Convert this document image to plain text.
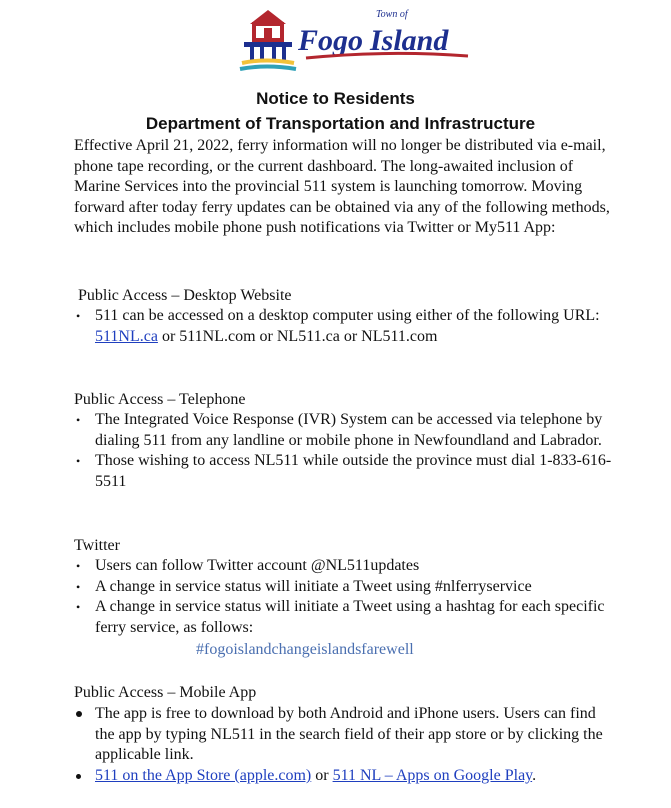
Town of
Fogo Island
Notice to Residents
Department of Transportation and Infrastructure

Effective April 21, 2022, ferry information will no longer be distributed via e-mail, phone tape recording, or the current dashboard. The long-awaited inclusion of Marine Services into the provincial 511 system is launching tomorrow. Moving forward after today ferry updates can be obtained via any of the following methods, which includes mobile phone push notifications via Twitter or My511 App:

Public Access – Desktop Website
• 511 can be accessed on a desktop computer using either of the following URL: 511NL.ca or 511NL.com or NL511.ca or NL511.com
Public Access – Telephone
• The Integrated Voice Response (IVR) System can be accessed via telephone by dialing 511 from any landline or mobile phone in Newfoundland and Labrador.
• Those wishing to access NL511 while outside the province must dial 1-833-616-5511
Twitter
• Users can follow Twitter account @NL511updates
• A change in service status will initiate a Tweet using #nlferryservice
• A change in service status will initiate a Tweet using a hashtag for each specific ferry service, as follows:
#fogoislandchangeislandsfarewell
Public Access – Mobile App
The app is free to download by both Android and iPhone users. Users can find the app by typing NL511 in the search field of their app store or by clicking the applicable link.
511 on the App Store (apple.com) or 511 NL – Apps on Google Play.
